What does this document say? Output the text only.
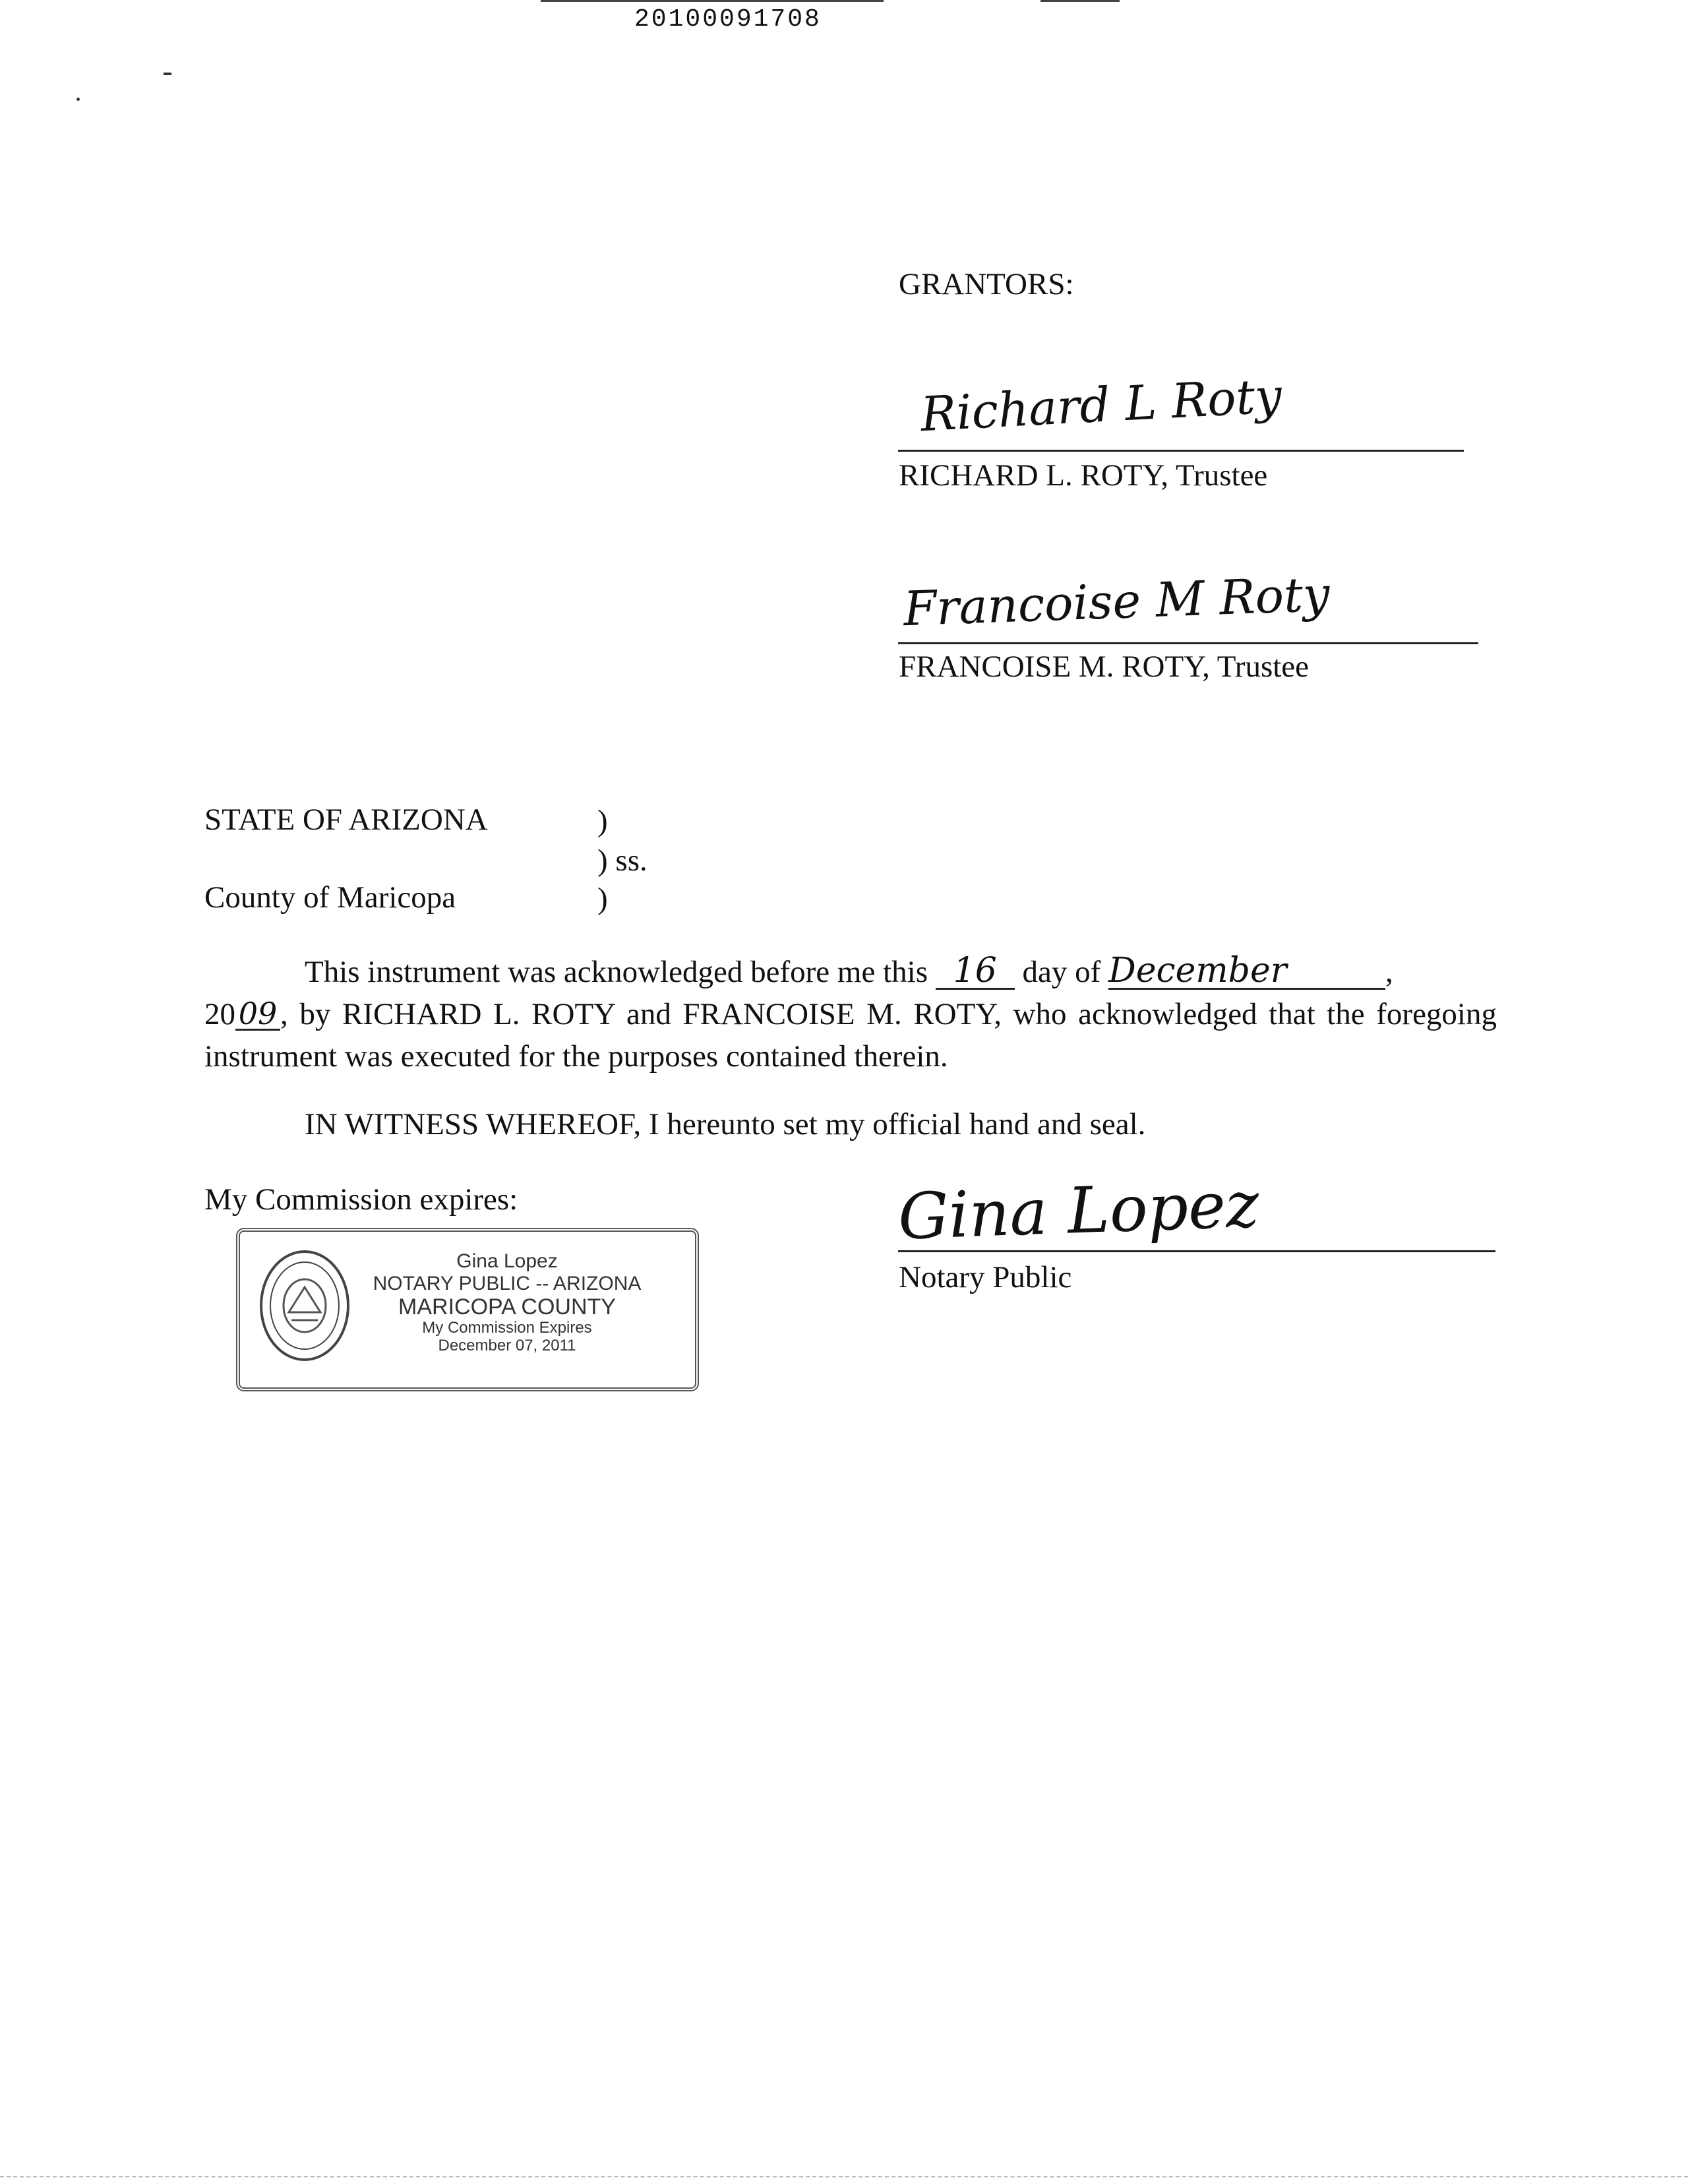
20100091708
GRANTORS:
Richard L Roty
RICHARD L. ROTY, Trustee
Francoise M Roty
FRANCOISE M. ROTY, Trustee
STATE OF ARIZONA	)
) ss.
County of Maricopa	)
This instrument was acknowledged before me this 16 day of December	,
20 09 , by RICHARD L. ROTY and FRANCOISE M. ROTY, who acknowledged that the foregoing instrument was executed for the purposes contained therein.
IN WITNESS WHEREOF, I hereunto set my official hand and seal.
My Commission expires:	Gina Lopez
Notary Public
Gina Lopez
NOTARY PUBLIC -- ARIZONA
MARICOPA COUNTY
My Commission Expires
December 07, 2011
